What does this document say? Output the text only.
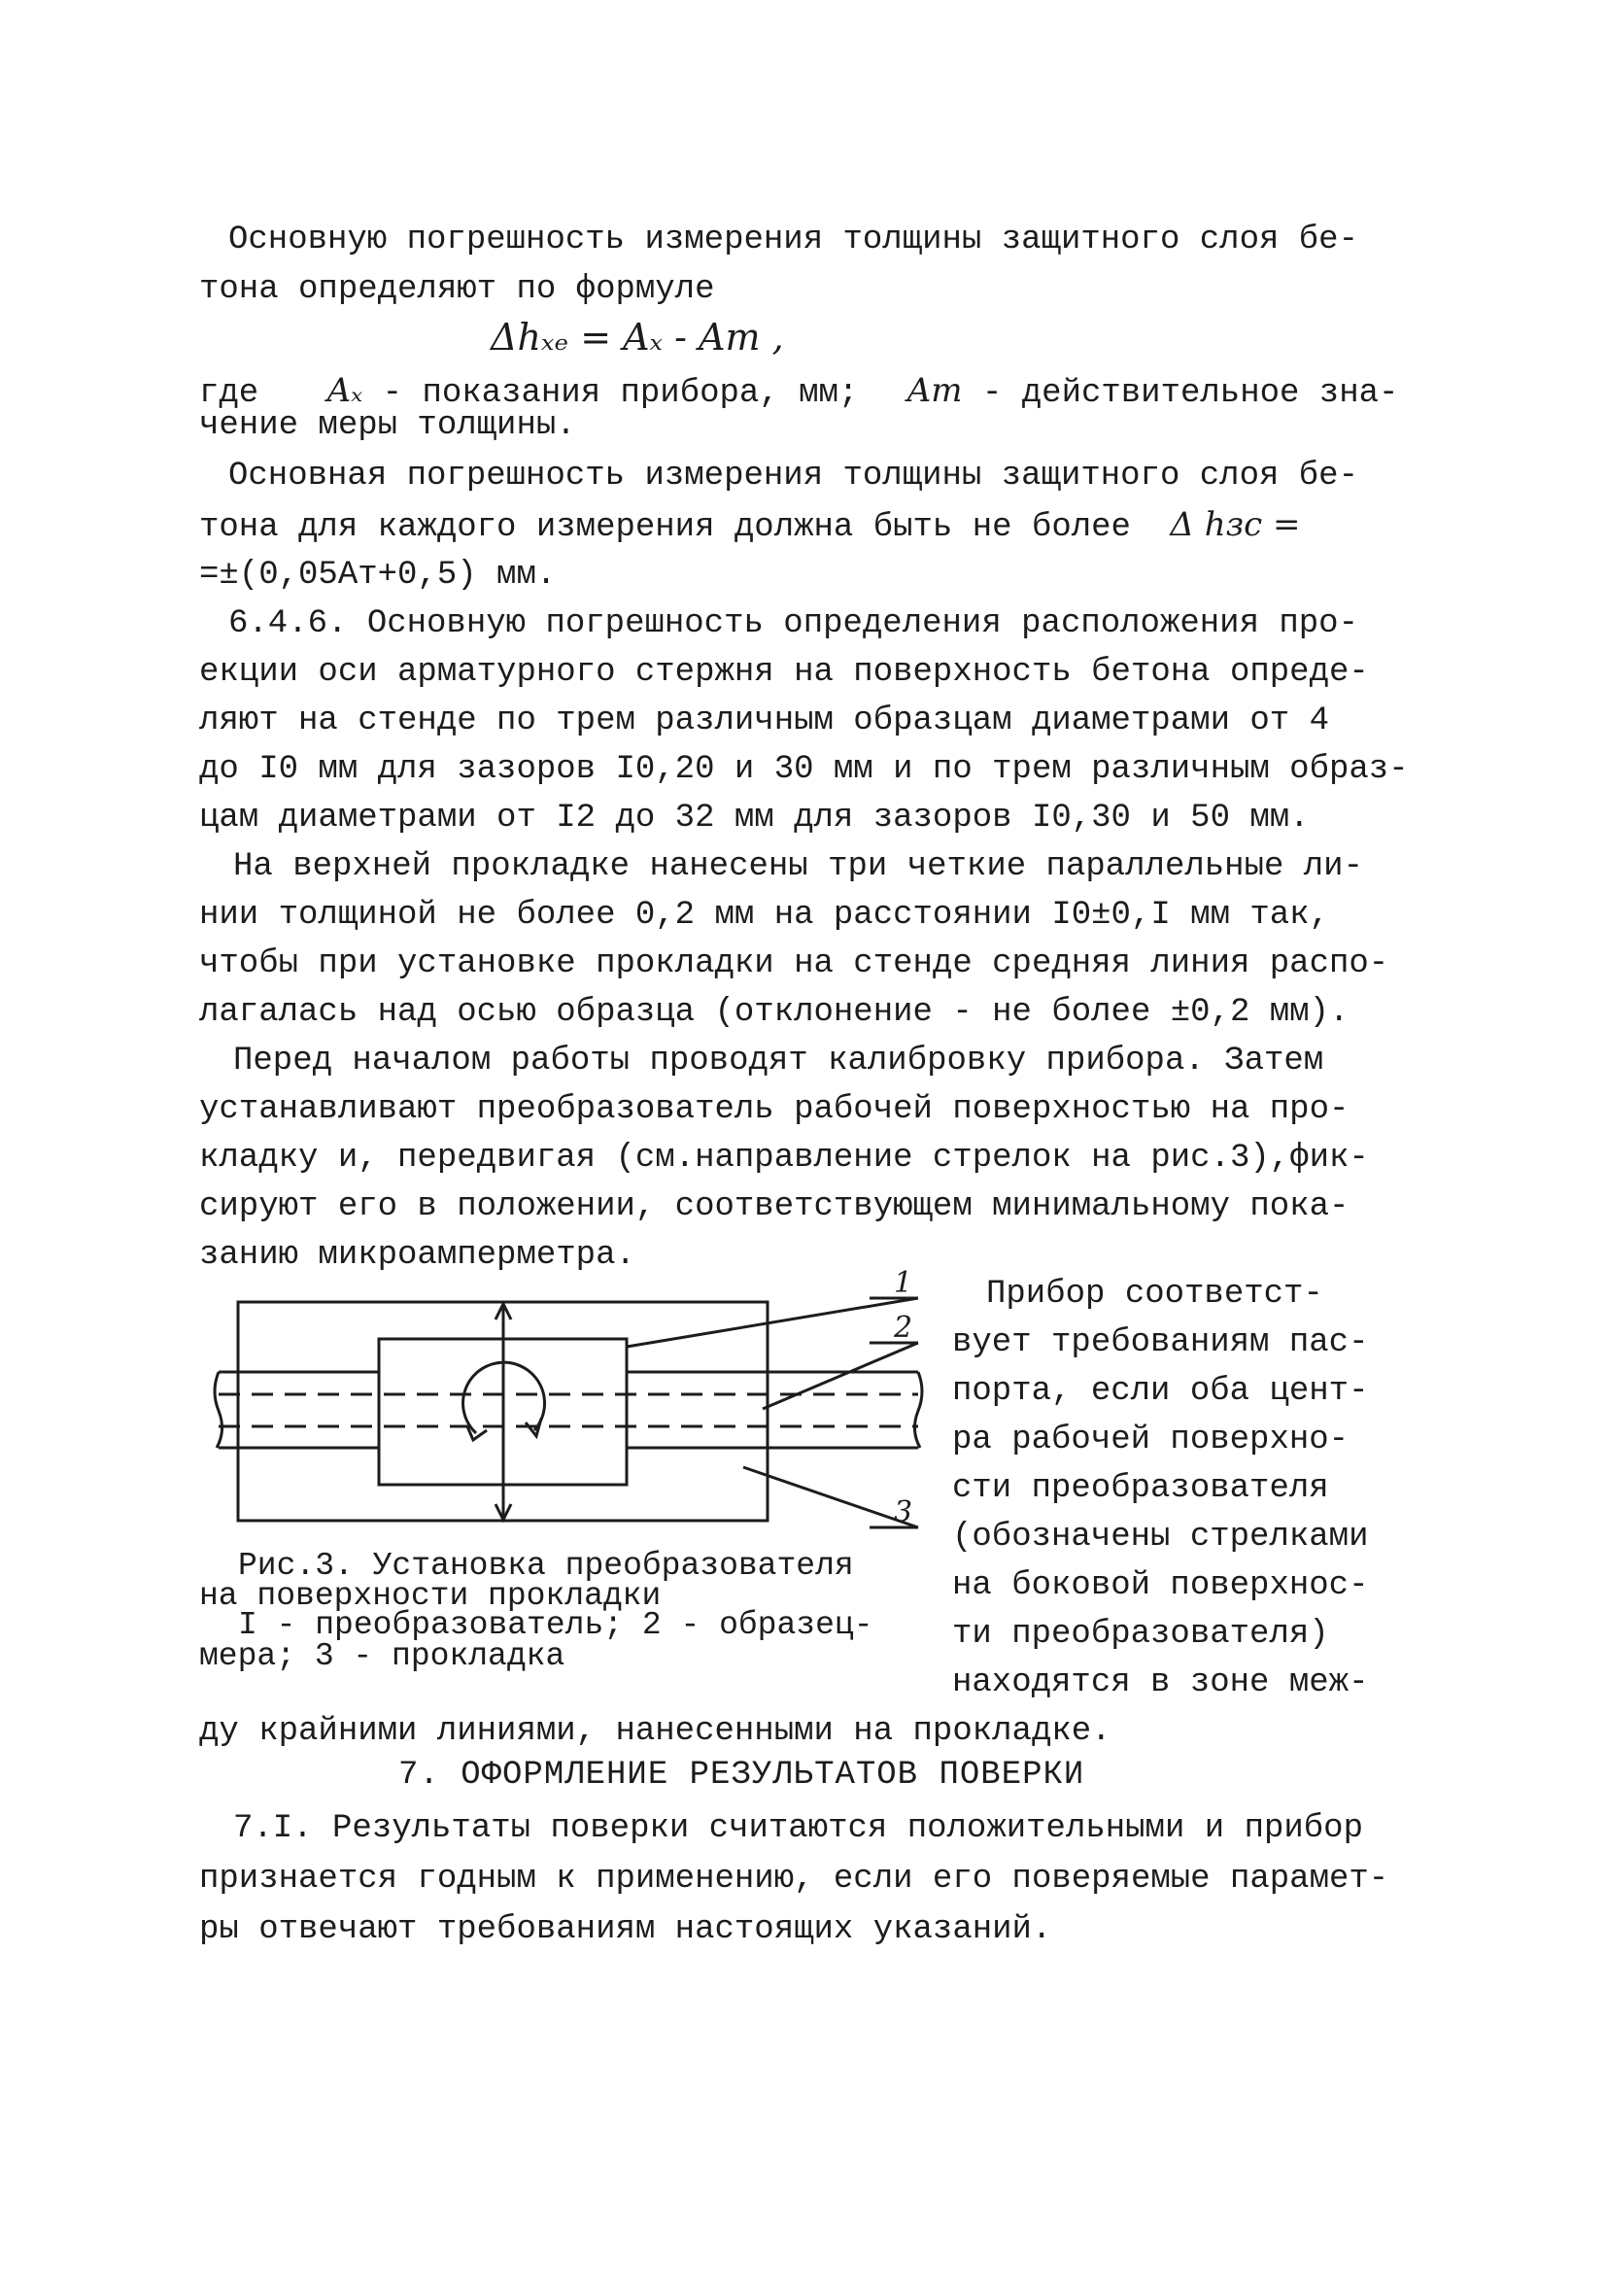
Основную погрешность измерения толщины защитного слоя бе-
тона определяют по формуле
Δhₓₑ = Aₓ - Aт ,
где Aₓ - показания прибора, мм; Aт - действительное зна-
чение меры толщины.
Основная погрешность измерения толщины защитного слоя бе-
тона для каждого измерения должна быть не более Δ hзс =
=±(0,05Aт+0,5) мм.
6.4.6. Основную погрешность определения расположения про-
екции оси арматурного стержня на поверхность бетона опреде-
ляют на стенде по трем различным образцам диаметрами от 4
до I0 мм для зазоров I0,20 и 30 мм и по трем различным образ-
цам диаметрами от I2 до 32 мм для зазоров I0,30 и 50 мм.
На верхней прокладке нанесены три четкие параллельные ли-
нии толщиной не более 0,2 мм на расстоянии I0±0,I мм так,
чтобы при установке прокладки на стенде средняя линия распо-
лагалась над осью образца (отклонение - не более ±0,2 мм).
Перед началом работы проводят калибровку прибора. Затем
устанавливают преобразователь рабочей поверхностью на про-
кладку и, передвигая (см.направление стрелок на рис.3),фик-
сируют его в положении, соответствующем минимальному пока-
занию микроамперметра.
1
2
3
Рис.3. Установка преобразователя
на поверхности прокладки
I - преобразователь; 2 - образец-
мера; 3 - прокладка
Прибор соответст-
вует требованиям пас-
порта, если оба цент-
ра рабочей поверхно-
сти преобразователя
(обозначены стрелками
на боковой поверхнос-
ти преобразователя)
находятся в зоне меж-
ду крайними линиями, нанесенными на прокладке.
7. ОФОРМЛЕНИЕ РЕЗУЛЬТАТОВ ПОВЕРКИ
7.I. Результаты поверки считаются положительными и прибор
признается годным к применению, если его поверяемые парамет-
ры отвечают требованиям настоящих указаний.
